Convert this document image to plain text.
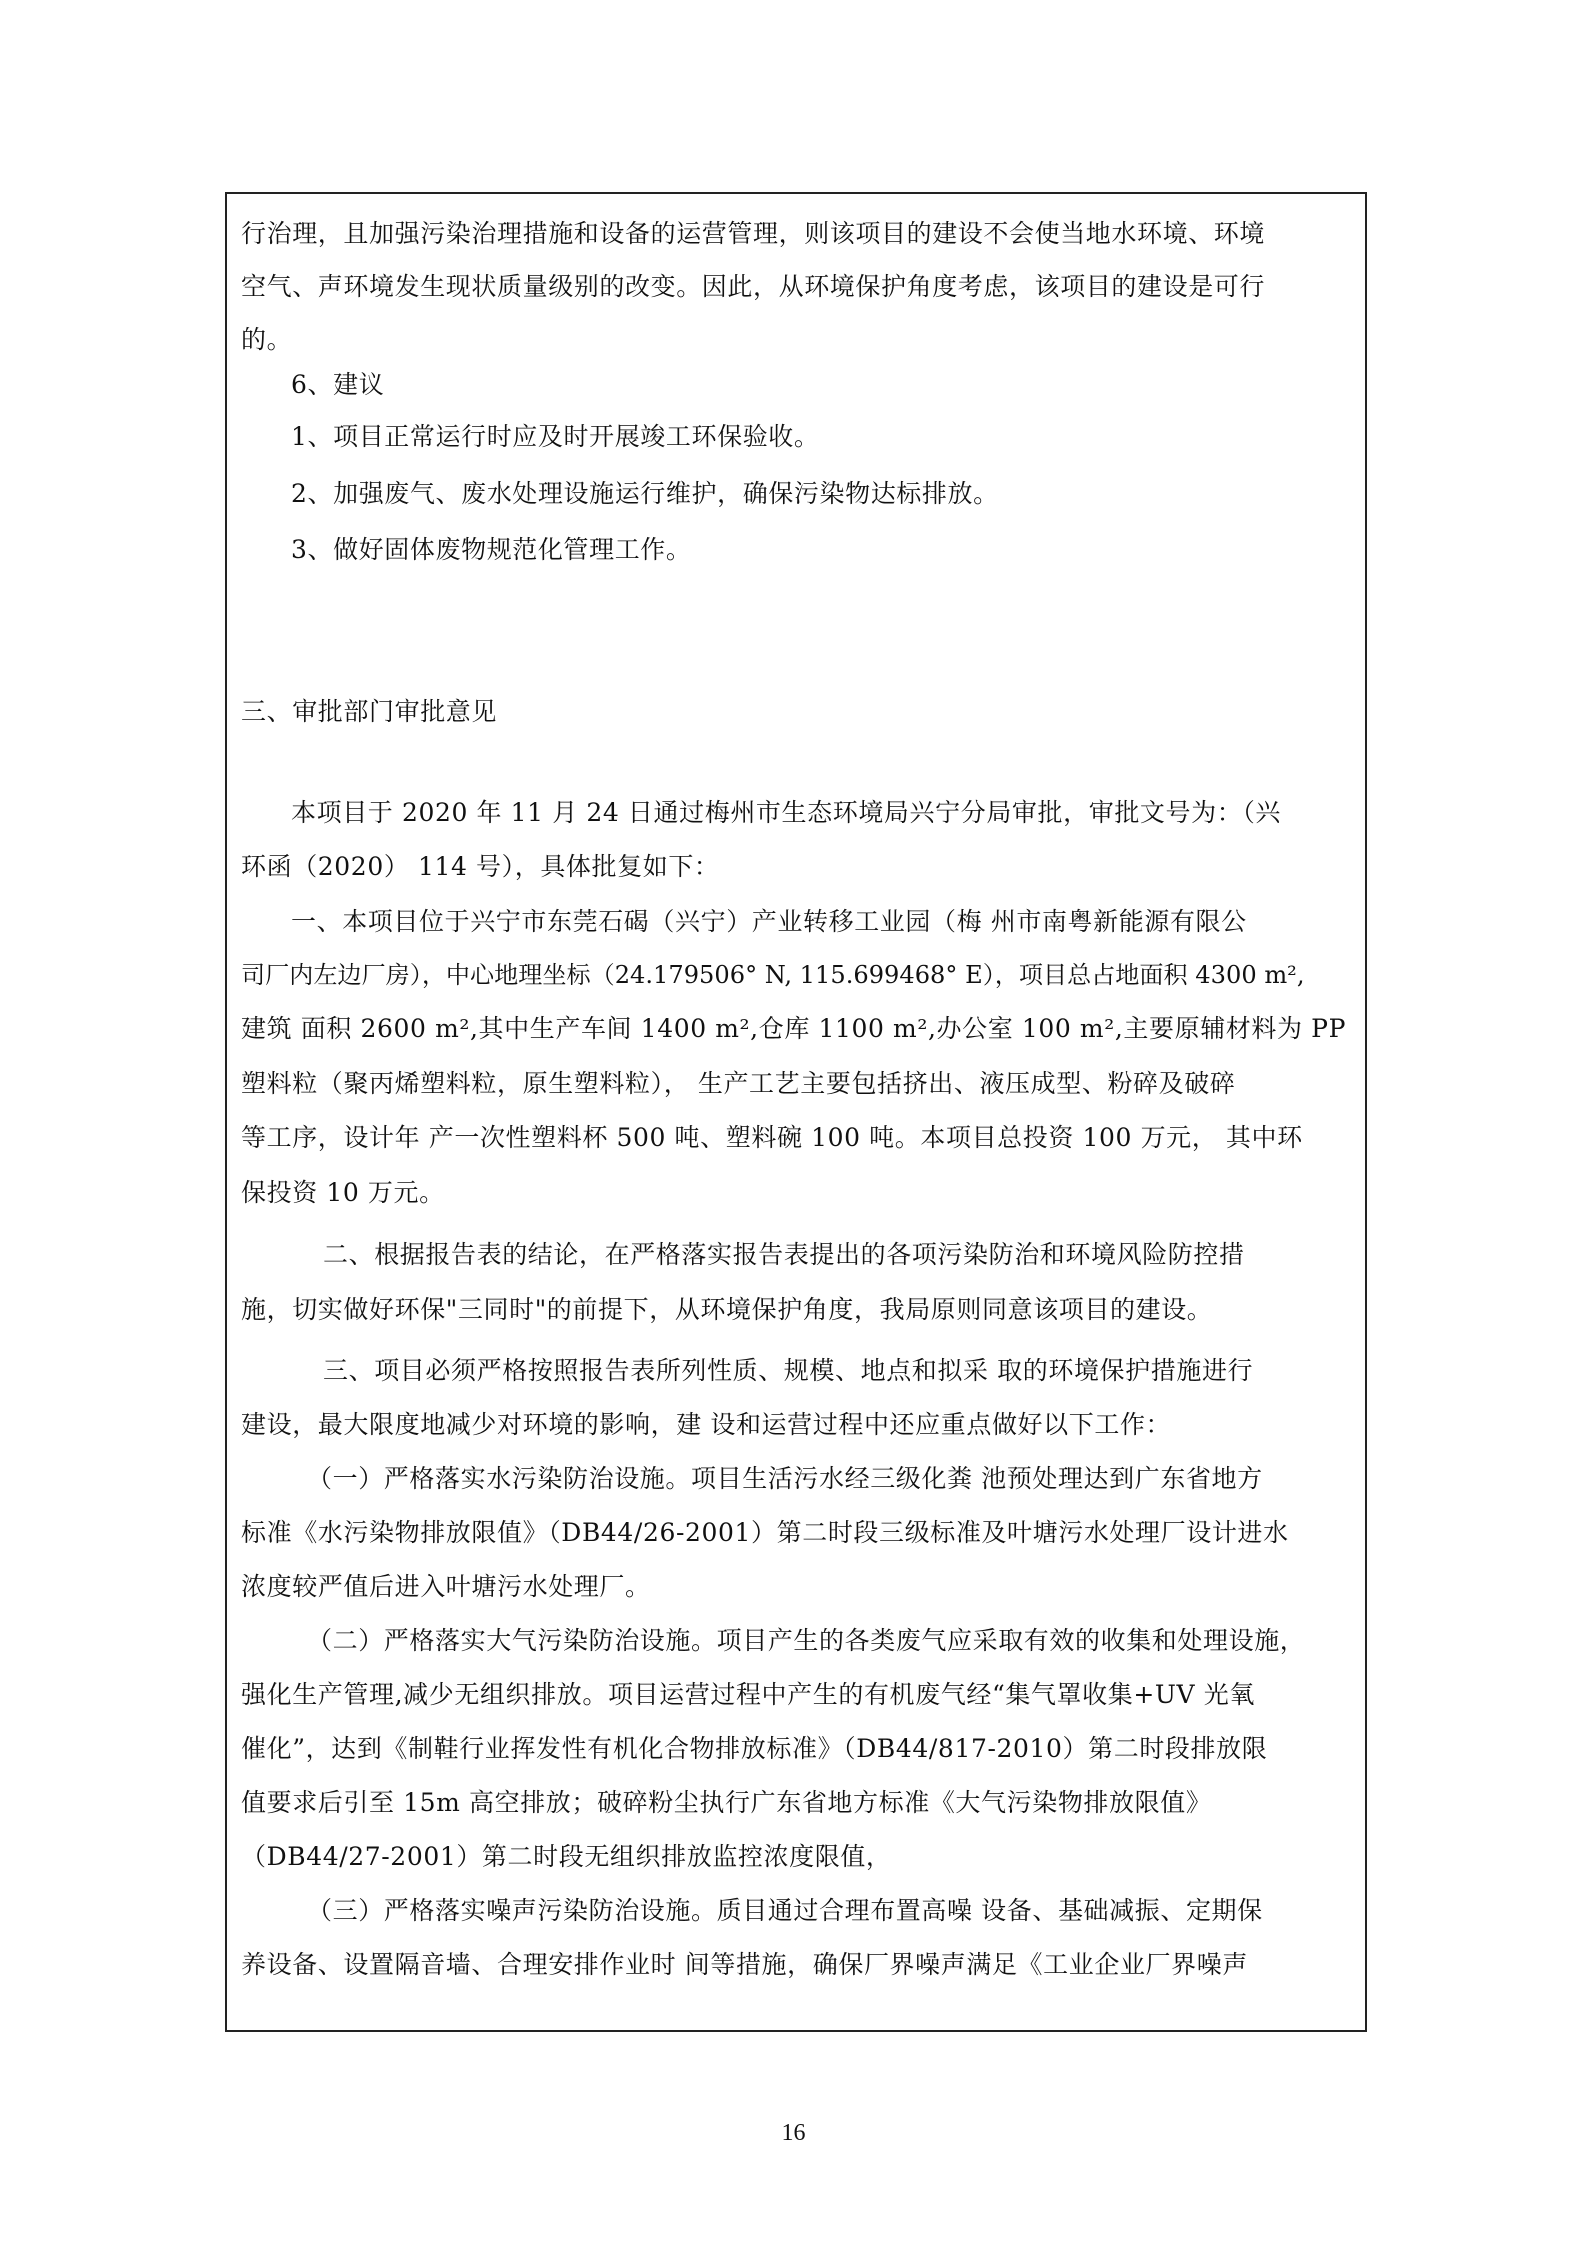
行治理，且加强污染治理措施和设备的运营管理，则该项目的建设不会使当地水环境、环境
空气、声环境发生现状质量级别的改变。因此，从环境保护角度考虑，该项目的建设是可行
的。
6、建议
1、项目正常运行时应及时开展竣工环保验收。
2、加强废气、废水处理设施运行维护，确保污染物达标排放。
3、做好固体废物规范化管理工作。
三、审批部门审批意见
本项目于 2020 年 11 月 24 日通过梅州市生态环境局兴宁分局审批，审批文号为：（兴
环函（2020） 114 号），具体批复如下：
一、本项目位于兴宁市东莞石碣（兴宁）产业转移工业园（梅 州市南粤新能源有限公
司厂内左边厂房），中心地理坐标（24.179506° N, 115.699468° E），项目总占地面积 4300 m²,
建筑 面积 2600 m²,其中生产车间 1400 m²,仓库 1100 m²,办公室 100 m²,主要原辅材料为 PP
塑料粒（聚丙烯塑料粒，原生塑料粒）， 生产工艺主要包括挤出、液压成型、粉碎及破碎
等工序，设计年 产一次性塑料杯 500 吨、塑料碗 100 吨。本项目总投资 100 万元， 其中环
保投资 10 万元。
二、根据报告表的结论，在严格落实报告表提出的各项污染防治和环境风险防控措
施，切实做好环保"三同时"的前提下，从环境保护角度，我局原则同意该项目的建设。
三、项目必须严格按照报告表所列性质、规模、地点和拟采 取的环境保护措施进行
建设，最大限度地减少对环境的影响，建 设和运营过程中还应重点做好以下工作：
（一）严格落实水污染防治设施。项目生活污水经三级化粪 池预处理达到广东省地方
标准《水污染物排放限值》（DB44/26-2001）第二时段三级标准及叶塘污水处理厂设计进水
浓度较严值后进入叶塘污水处理厂。
（二）严格落实大气污染防治设施。项目产生的各类废气应采取有效的收集和处理设施，
强化生产管理,减少无组织排放。项目运营过程中产生的有机废气经“集气罩收集+UV 光氧
催化”，达到《制鞋行业挥发性有机化合物排放标准》（DB44/817-2010）第二时段排放限
值要求后引至 15m 高空排放；破碎粉尘执行广东省地方标准《大气污染物排放限值》
（DB44/27-2001）第二时段无组织排放监控浓度限值，
（三）严格落实噪声污染防治设施。质目通过合理布置高噪 设备、基础减振、定期保
养设备、设置隔音墙、合理安排作业时 间等措施，确保厂界噪声满足《工业企业厂界噪声
16
